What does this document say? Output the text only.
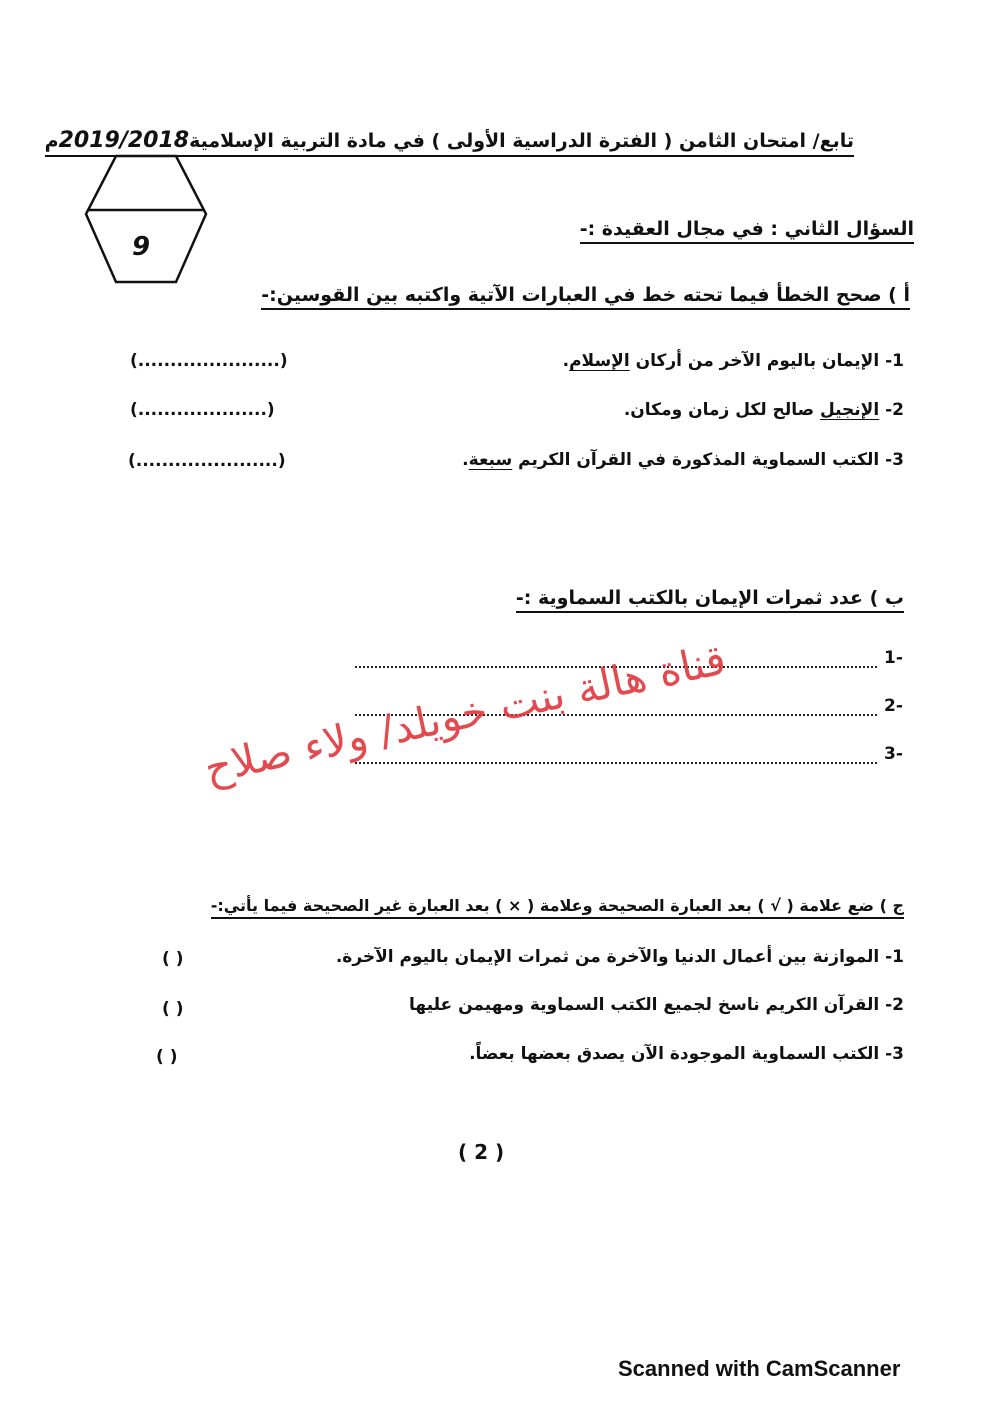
تابع/ امتحان الثامن ( الفترة الدراسية الأولى ) في مادة التربية الإسلامية2019/2018م
9
السؤال الثاني : في مجال العقيدة :-
أ ) صحح الخطأ فيما تحته خط في العبارات الآتية واكتبه بين القوسين:-
1- الإيمان باليوم الآخر من أركان الإسلام.
(......................)
2- الإنجيل صالح لكل زمان ومكان.
(....................)
3- الكتب السماوية المذكورة في القرآن الكريم سبعة.
(......................)
ب ) عدد ثمرات الإيمان بالكتب السماوية :-
1-
2-
3-
قناة هالة بنت خويلد/ ولاء صلاح
ج ) ضع علامة ( √ ) بعد العبارة الصحيحة وعلامة ( × ) بعد العبارة غير الصحيحة فيما يأتي:-
1- الموازنة بين أعمال الدنيا والآخرة من ثمرات الإيمان باليوم الآخرة.
( )
2- القرآن الكريم ناسخ لجميع الكتب السماوية ومهيمن عليها
( )
3- الكتب السماوية الموجودة الآن يصدق بعضها بعضاً.
( )
( 2 )
Scanned with CamScanner
